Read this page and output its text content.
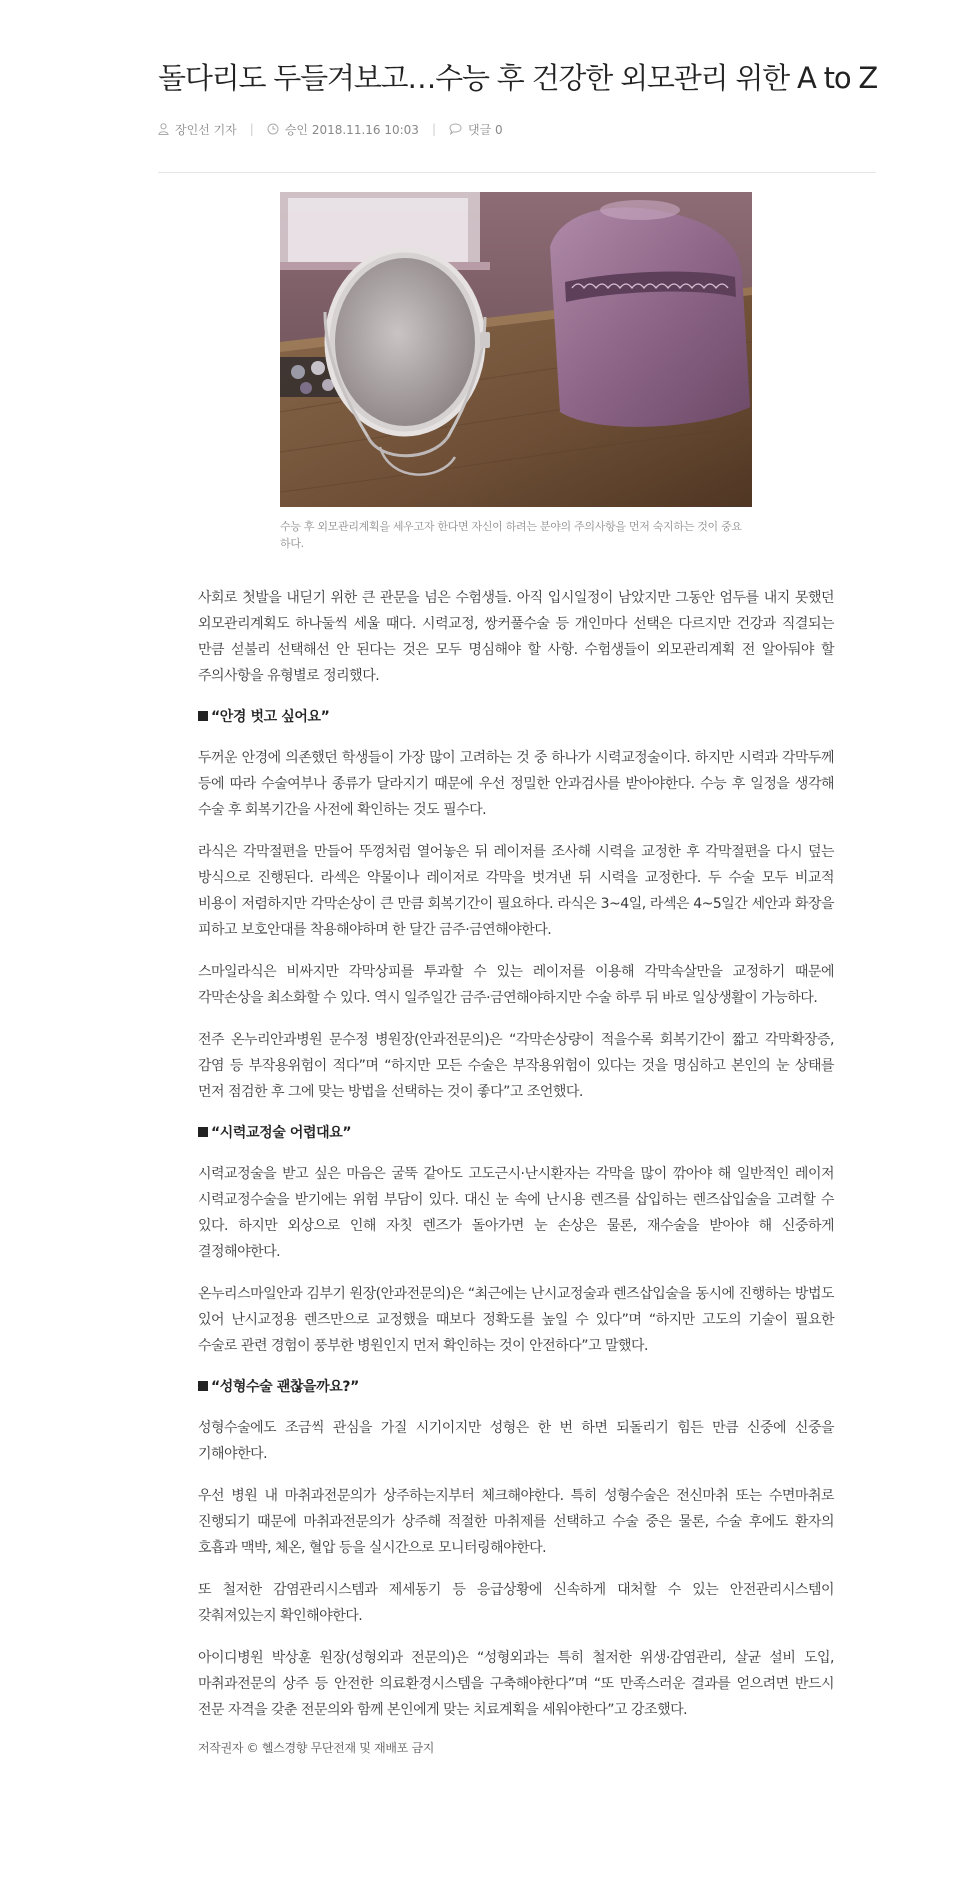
돌다리도 두들겨보고…수능 후 건강한 외모관리 위한 A to Z
장인선 기자 |	승인 2018.11.16 10:03 |	댓글 0
수능 후 외모관리계획을 세우고자 한다면 자신이 하려는 분야의 주의사항을 먼저 숙지하는 것이 중요하다.

사회로 첫발을 내딛기 위한 큰 관문을 넘은 수험생들. 아직 입시일정이 남았지만 그동안 엄두를 내지 못했던 외모관리계획도 하나둘씩 세울 때다. 시력교정, 쌍커풀수술 등 개인마다 선택은 다르지만 건강과 직결되는 만큼 섣불리 선택해선 안 된다는 것은 모두 명심해야 할 사항. 수험생들이 외모관리계획 전 알아둬야 할 주의사항을 유형별로 정리했다.

“안경 벗고 싶어요”

두꺼운 안경에 의존했던 학생들이 가장 많이 고려하는 것 중 하나가 시력교정술이다. 하지만 시력과 각막두께 등에 따라 수술여부나 종류가 달라지기 때문에 우선 정밀한 안과검사를 받아야한다. 수능 후 일정을 생각해 수술 후 회복기간을 사전에 확인하는 것도 필수다.

라식은 각막절편을 만들어 뚜껑처럼 열어놓은 뒤 레이저를 조사해 시력을 교정한 후 각막절편을 다시 덮는 방식으로 진행된다. 라섹은 약물이나 레이저로 각막을 벗겨낸 뒤 시력을 교정한다. 두 수술 모두 비교적 비용이 저렴하지만 각막손상이 큰 만큼 회복기간이 필요하다. 라식은 3~4일, 라섹은 4~5일간 세안과 화장을 피하고 보호안대를 착용해야하며 한 달간 금주·금연해야한다.

스마일라식은 비싸지만 각막상피를 투과할 수 있는 레이저를 이용해 각막속살만을 교정하기 때문에 각막손상을 최소화할 수 있다. 역시 일주일간 금주·금연해야하지만 수술 하루 뒤 바로 일상생활이 가능하다.

전주 온누리안과병원 문수정 병원장(안과전문의)은 “각막손상량이 적을수록 회복기간이 짧고 각막확장증, 감염 등 부작용위험이 적다”며 “하지만 모든 수술은 부작용위험이 있다는 것을 명심하고 본인의 눈 상태를 먼저 점검한 후 그에 맞는 방법을 선택하는 것이 좋다”고 조언했다.

“시력교정술 어렵대요”

시력교정술을 받고 싶은 마음은 굴뚝 같아도 고도근시·난시환자는 각막을 많이 깎아야 해 일반적인 레이저 시력교정수술을 받기에는 위험 부담이 있다. 대신 눈 속에 난시용 렌즈를 삽입하는 렌즈삽입술을 고려할 수 있다. 하지만 외상으로 인해 자칫 렌즈가 돌아가면 눈 손상은 물론, 재수술을 받아야 해 신중하게 결정해야한다.

온누리스마일안과 김부기 원장(안과전문의)은 “최근에는 난시교정술과 렌즈삽입술을 동시에 진행하는 방법도 있어 난시교정용 렌즈만으로 교정했을 때보다 정확도를 높일 수 있다”며 “하지만 고도의 기술이 필요한 수술로 관련 경험이 풍부한 병원인지 먼저 확인하는 것이 안전하다”고 말했다.

“성형수술 괜찮을까요?”

성형수술에도 조금씩 관심을 가질 시기이지만 성형은 한 번 하면 되돌리기 힘든 만큼 신중에 신중을 기해야한다.

우선 병원 내 마취과전문의가 상주하는지부터 체크해야한다. 특히 성형수술은 전신마취 또는 수면마취로 진행되기 때문에 마취과전문의가 상주해 적절한 마취제를 선택하고 수술 중은 물론, 수술 후에도 환자의 호흡과 맥박, 체온, 혈압 등을 실시간으로 모니터링해야한다.

또 철저한 감염관리시스템과 제세동기 등 응급상황에 신속하게 대처할 수 있는 안전관리시스템이 갖춰져있는지 확인해야한다.

아이디병원 박상훈 원장(성형외과 전문의)은 “성형외과는 특히 철저한 위생·감염관리, 살균 설비 도입, 마취과전문의 상주 등 안전한 의료환경시스템을 구축해야한다”며 “또 만족스러운 결과를 얻으려면 반드시 전문 자격을 갖춘 전문의와 함께 본인에게 맞는 치료계획을 세워야한다”고 강조했다.

저작권자 © 헬스경향 무단전재 및 재배포 금지
